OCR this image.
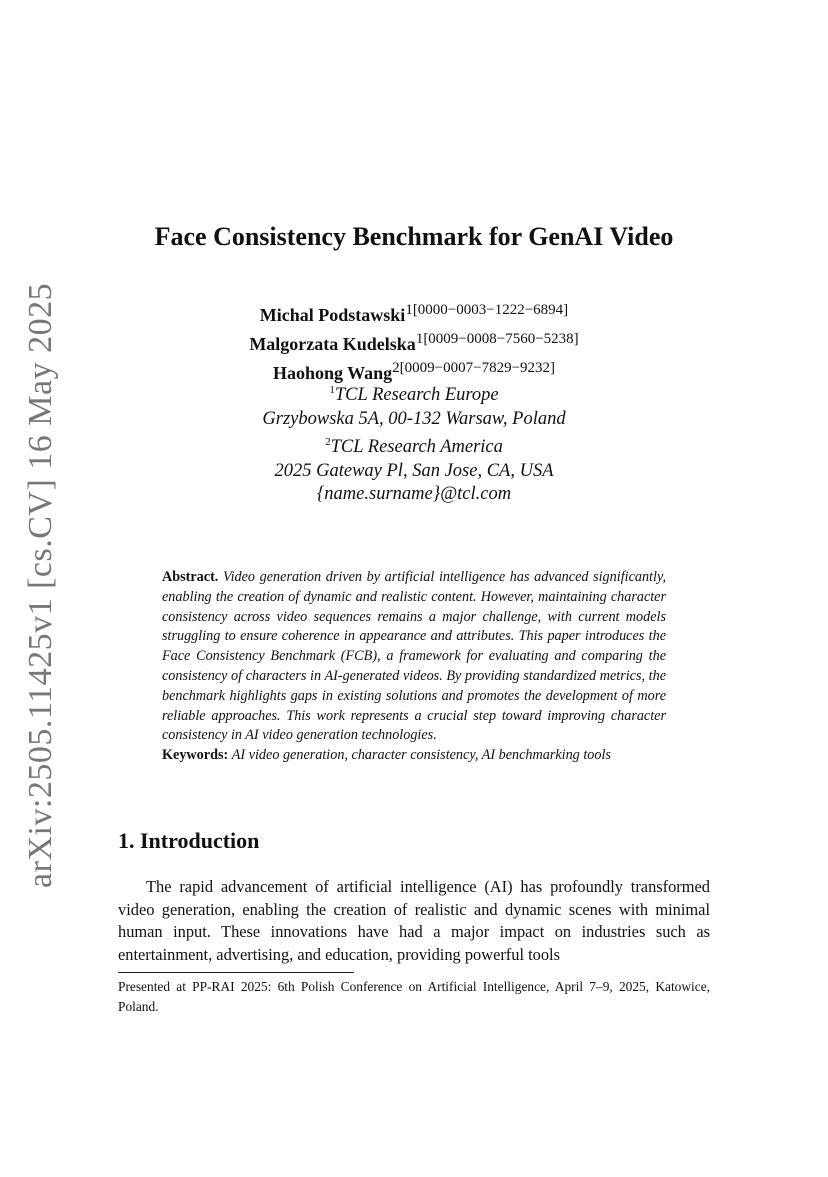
arXiv:2505.11425v1 [cs.CV] 16 May 2025
Face Consistency Benchmark for GenAI Video
Michal Podstawski$^{1[0000-0003-1222-6894]}$
Malgorzata Kudelska$^{1[0009-0008-7560-5238]}$
Haohong Wang$^{2[0009-0007-7829-9232]}$
$^1$TCL Research Europe
Grzybowska 5A, 00-132 Warsaw, Poland
$^2$TCL Research America
2025 Gateway Pl, San Jose, CA, USA
{name.surname}@tcl.com
Abstract. Video generation driven by artificial intelligence has advanced significantly, enabling the creation of dynamic and realistic content. However, maintaining character consistency across video sequences remains a major challenge, with current models struggling to ensure coherence in appearance and attributes. This paper introduces the Face Consistency Benchmark (FCB), a framework for evaluating and comparing the consistency of characters in AI-generated videos. By providing standardized metrics, the benchmark highlights gaps in existing solutions and promotes the development of more reliable approaches. This work represents a crucial step toward improving character consistency in AI video generation technologies.
Keywords: AI video generation, character consistency, AI benchmarking tools
1. Introduction

The rapid advancement of artificial intelligence (AI) has profoundly transformed video generation, enabling the creation of realistic and dynamic scenes with minimal human input. These innovations have had a major impact on industries such as entertainment, advertising, and education, providing powerful tools

Presented at PP-RAI 2025: 6th Polish Conference on Artificial Intelligence, April 7–9, 2025, Katowice, Poland.
